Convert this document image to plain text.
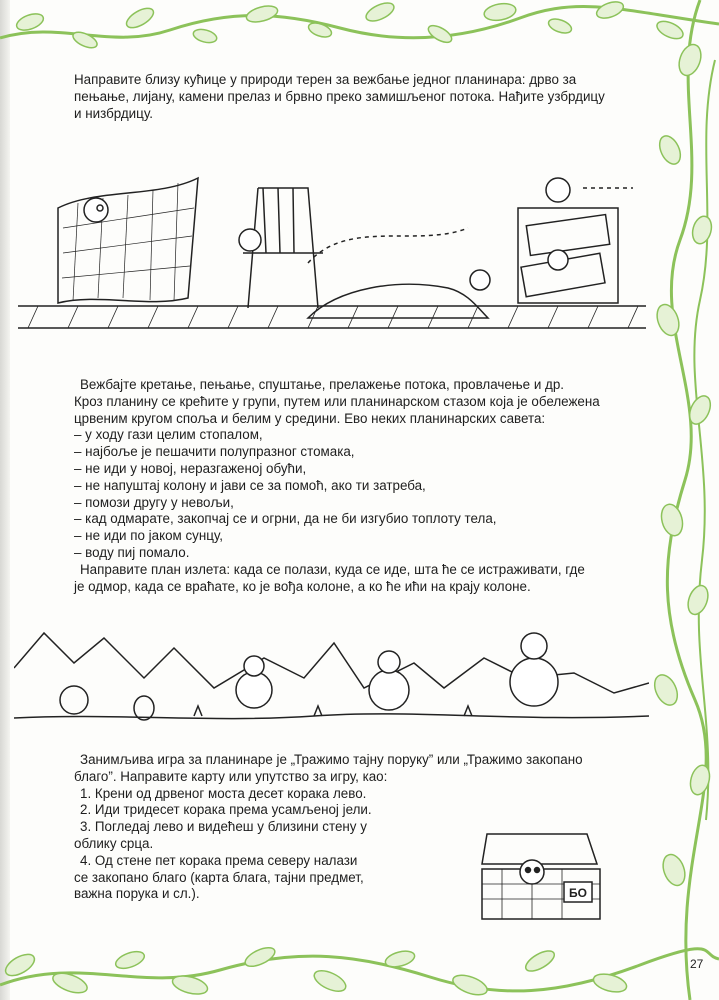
Направите близу кућице у природи терен за вежбање једног планинара: дрво за
пењање, лијану, камени прелаз и брвно преко замишљеног потока. Нађите узбрдицу
и низбрдицу.
Вежбајте кретање, пењање, спуштање, прелажење потока, провлачење и др.
Кроз планину се крећите у групи, путем или планинарском стазом која је обележена
црвеним кругом споља и белим у средини. Ево неких планинарских савета:
– у ходу гази целим стопалом,
– најбоље је пешачити полупразног стомака,
– не иди у новој, неразгаженој обући,
– не напуштај колону и јави се за помоћ, ако ти затреба,
– помози другу у невољи,
– кад одмарате, закопчај се и огрни, да не би изгубио топлоту тела,
– не иди по јаком сунцу,
– воду пиј помало.
Направите план излета: када се полази, куда се иде, шта ће се истраживати, где
је одмор, када се враћате, ко је вођа колоне, а ко ће ићи на крају колоне.
Занимљива игра за планинаре је „Тражимо тајну поруку” или „Тражимо закопано
благо”. Направите карту или упутство за игру, као:
1. Крени од дрвеног моста десет корака лево.
2. Иди тридесет корака према усамљеној јели.
3. Погледај лево и видећеш у близини стену у
облику срца.
4. Од стене пет корака према северу налази
се закопано благо (карта блага, тајни предмет,
важна порука и сл.).	БО
27
